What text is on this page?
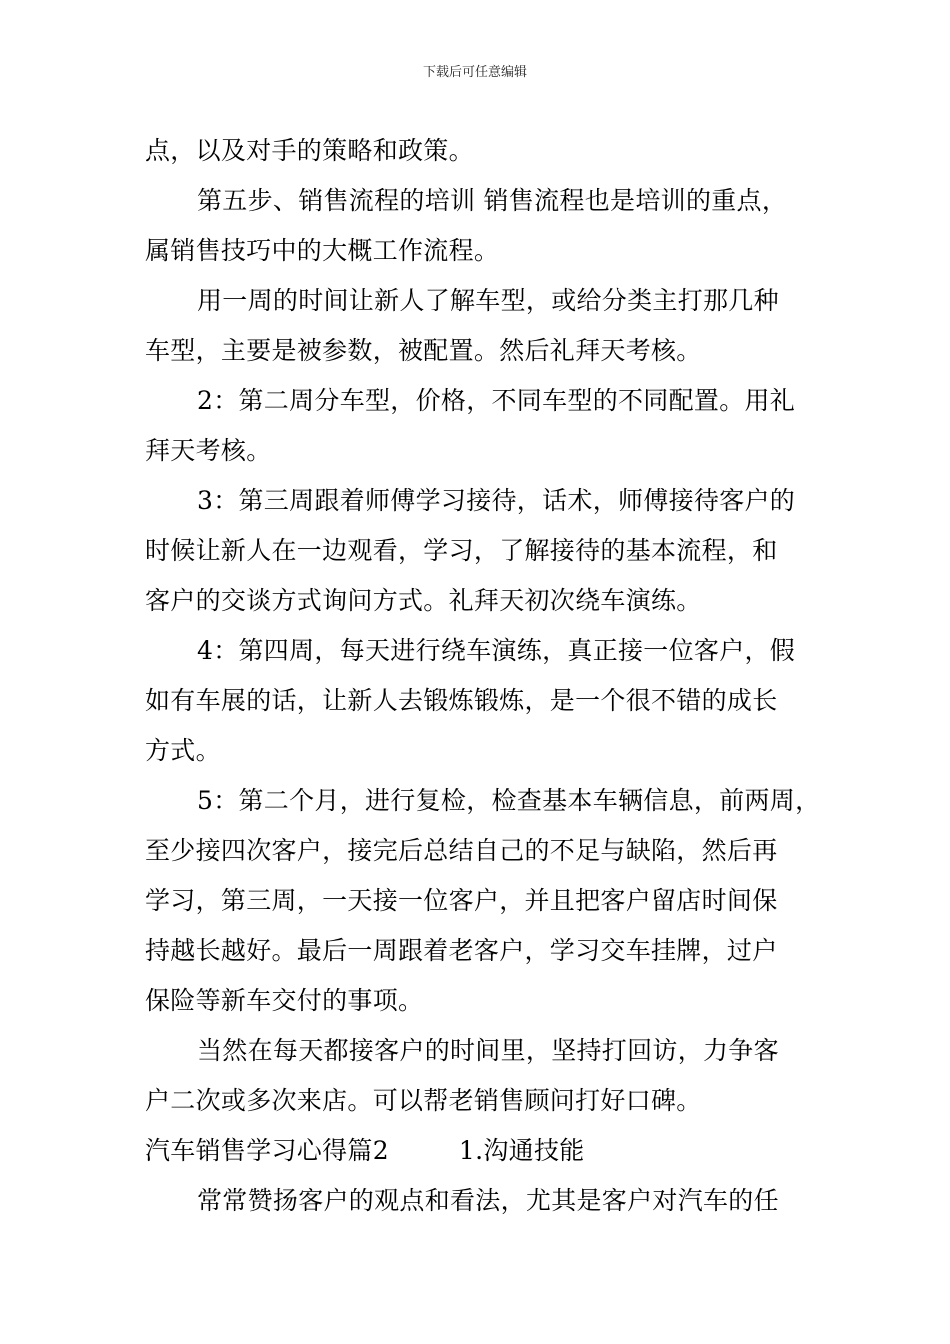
下载后可任意编辑
点，以及对手的策略和政策。
第五步、销售流程的培训 销售流程也是培训的重点，
属销售技巧中的大概工作流程。
用一周的时间让新人了解车型，或给分类主打那几种
车型，主要是被参数，被配置。然后礼拜天考核。
2：第二周分车型，价格，不同车型的不同配置。用礼
拜天考核。
3：第三周跟着师傅学习接待，话术，师傅接待客户的
时候让新人在一边观看，学习，了解接待的基本流程，和
客户的交谈方式询问方式。礼拜天初次绕车演练。
4：第四周，每天进行绕车演练，真正接一位客户，假
如有车展的话，让新人去锻炼锻炼，是一个很不错的成长
方式。
5：第二个月，进行复检，检查基本车辆信息，前两周，
至少接四次客户，接完后总结自己的不足与缺陷，然后再
学习，第三周，一天接一位客户，并且把客户留店时间保
持越长越好。最后一周跟着老客户，学习交车挂牌，过户
保险等新车交付的事项。
当然在每天都接客户的时间里，坚持打回访，力争客
户二次或多次来店。可以帮老销售顾问打好口碑。
汽车销售学习心得篇2	1.沟通技能
常常赞扬客户的观点和看法，尤其是客户对汽车的任
